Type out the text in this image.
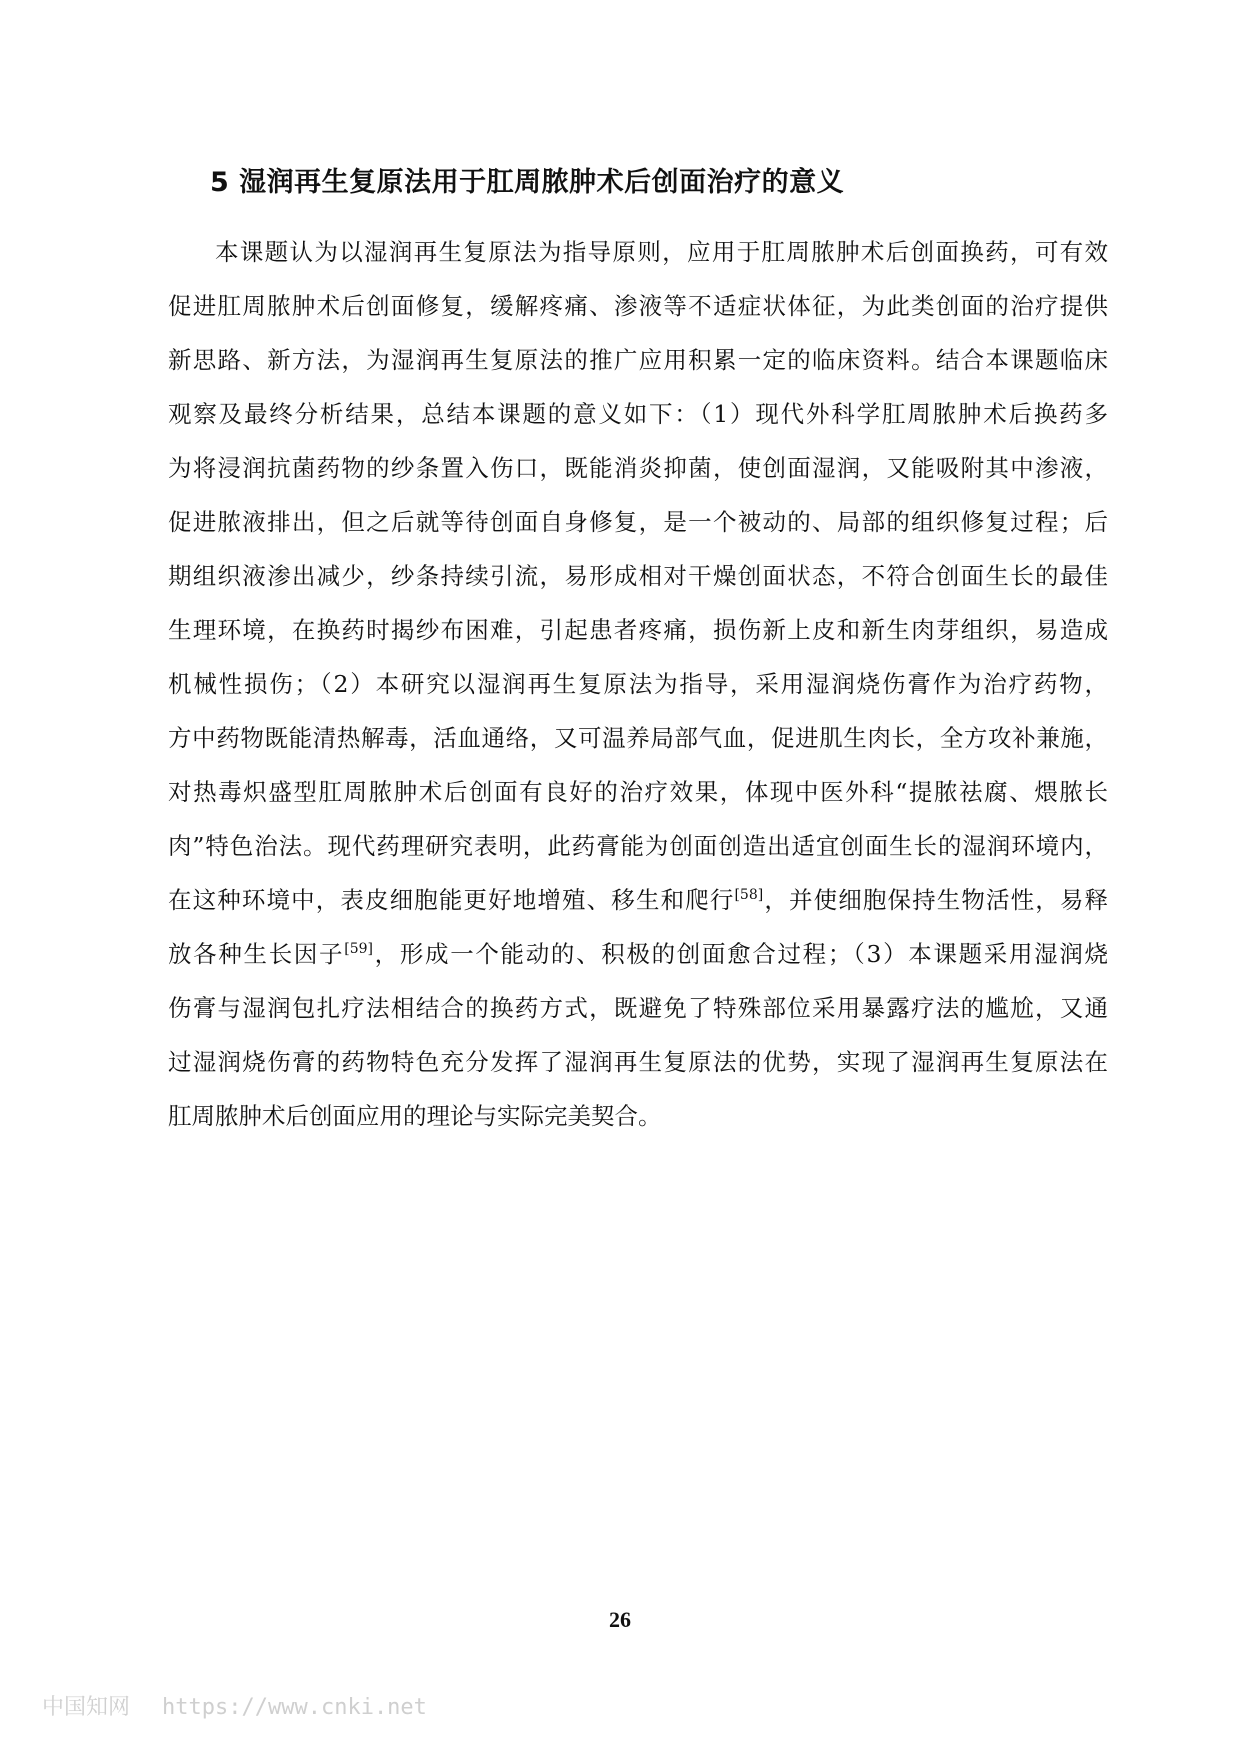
5 湿润再生复原法用于肛周脓肿术后创面治疗的意义
本课题认为以湿润再生复原法为指导原则，应用于肛周脓肿术后创面换药，可有效
促进肛周脓肿术后创面修复，缓解疼痛、渗液等不适症状体征，为此类创面的治疗提供
新思路、新方法，为湿润再生复原法的推广应用积累一定的临床资料。结合本课题临床
观察及最终分析结果，总结本课题的意义如下：（1）现代外科学肛周脓肿术后换药多
为将浸润抗菌药物的纱条置入伤口，既能消炎抑菌，使创面湿润，又能吸附其中渗液，
促进脓液排出，但之后就等待创面自身修复，是一个被动的、局部的组织修复过程；后
期组织液渗出减少，纱条持续引流，易形成相对干燥创面状态，不符合创面生长的最佳
生理环境，在换药时揭纱布困难，引起患者疼痛，损伤新上皮和新生肉芽组织，易造成
机械性损伤；（2）本研究以湿润再生复原法为指导，采用湿润烧伤膏作为治疗药物，
方中药物既能清热解毒，活血通络，又可温养局部气血，促进肌生肉长，全方攻补兼施，
对热毒炽盛型肛周脓肿术后创面有良好的治疗效果，体现中医外科“提脓祛腐、煨脓长
肉”特色治法。现代药理研究表明，此药膏能为创面创造出适宜创面生长的湿润环境内，
在这种环境中，表皮细胞能更好地增殖、移生和爬行[58]，并使细胞保持生物活性，易释
放各种生长因子[59]，形成一个能动的、积极的创面愈合过程；（3）本课题采用湿润烧
伤膏与湿润包扎疗法相结合的换药方式，既避免了特殊部位采用暴露疗法的尴尬，又通
过湿润烧伤膏的药物特色充分发挥了湿润再生复原法的优势，实现了湿润再生复原法在
肛周脓肿术后创面应用的理论与实际完美契合。
26
中国知网 https://www.cnki.net
